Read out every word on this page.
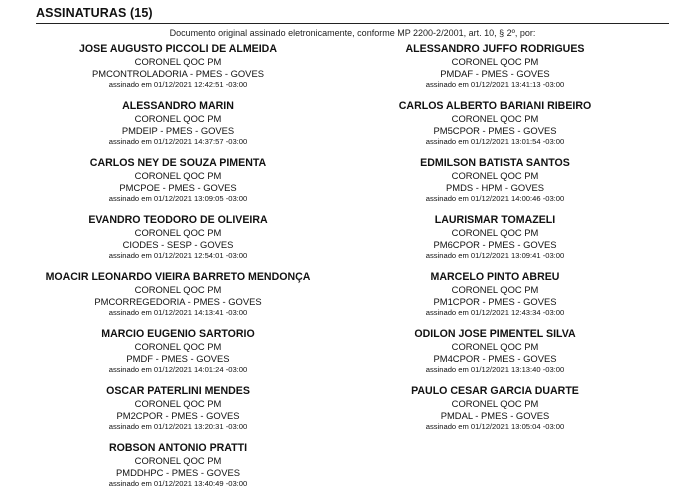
ASSINATURAS (15)
Documento original assinado eletronicamente, conforme MP 2200-2/2001, art. 10, § 2º, por:
JOSE AUGUSTO PICCOLI DE ALMEIDA
CORONEL QOC PM
PMCONTROLADORIA - PMES - GOVES
assinado em 01/12/2021 12:42:51 -03:00
ALESSANDRO MARIN
CORONEL QOC PM
PMDEIP - PMES - GOVES
assinado em 01/12/2021 14:37:57 -03:00
CARLOS NEY DE SOUZA PIMENTA
CORONEL QOC PM
PMCPOE - PMES - GOVES
assinado em 01/12/2021 13:09:05 -03:00
EVANDRO TEODORO DE OLIVEIRA
CORONEL QOC PM
CIODES - SESP - GOVES
assinado em 01/12/2021 12:54:01 -03:00
MOACIR LEONARDO VIEIRA BARRETO MENDONÇA
CORONEL QOC PM
PMCORREGEDORIA - PMES - GOVES
assinado em 01/12/2021 14:13:41 -03:00
MARCIO EUGENIO SARTORIO
CORONEL QOC PM
PMDF - PMES - GOVES
assinado em 01/12/2021 14:01:24 -03:00
OSCAR PATERLINI MENDES
CORONEL QOC PM
PM2CPOR - PMES - GOVES
assinado em 01/12/2021 13:20:31 -03:00
ROBSON ANTONIO PRATTI
CORONEL QOC PM
PMDDHPC - PMES - GOVES
assinado em 01/12/2021 13:40:49 -03:00
ALESSANDRO JUFFO RODRIGUES
CORONEL QOC PM
PMDAF - PMES - GOVES
assinado em 01/12/2021 13:41:13 -03:00
CARLOS ALBERTO BARIANI RIBEIRO
CORONEL QOC PM
PM5CPOR - PMES - GOVES
assinado em 01/12/2021 13:01:54 -03:00
EDMILSON BATISTA SANTOS
CORONEL QOC PM
PMDS - HPM - GOVES
assinado em 01/12/2021 14:00:46 -03:00
LAURISMAR TOMAZELI
CORONEL QOC PM
PM6CPOR - PMES - GOVES
assinado em 01/12/2021 13:09:41 -03:00
MARCELO PINTO ABREU
CORONEL QOC PM
PM1CPOR - PMES - GOVES
assinado em 01/12/2021 12:43:34 -03:00
ODILON JOSE PIMENTEL SILVA
CORONEL QOC PM
PM4CPOR - PMES - GOVES
assinado em 01/12/2021 13:13:40 -03:00
PAULO CESAR GARCIA DUARTE
CORONEL QOC PM
PMDAL - PMES - GOVES
assinado em 01/12/2021 13:05:04 -03:00
